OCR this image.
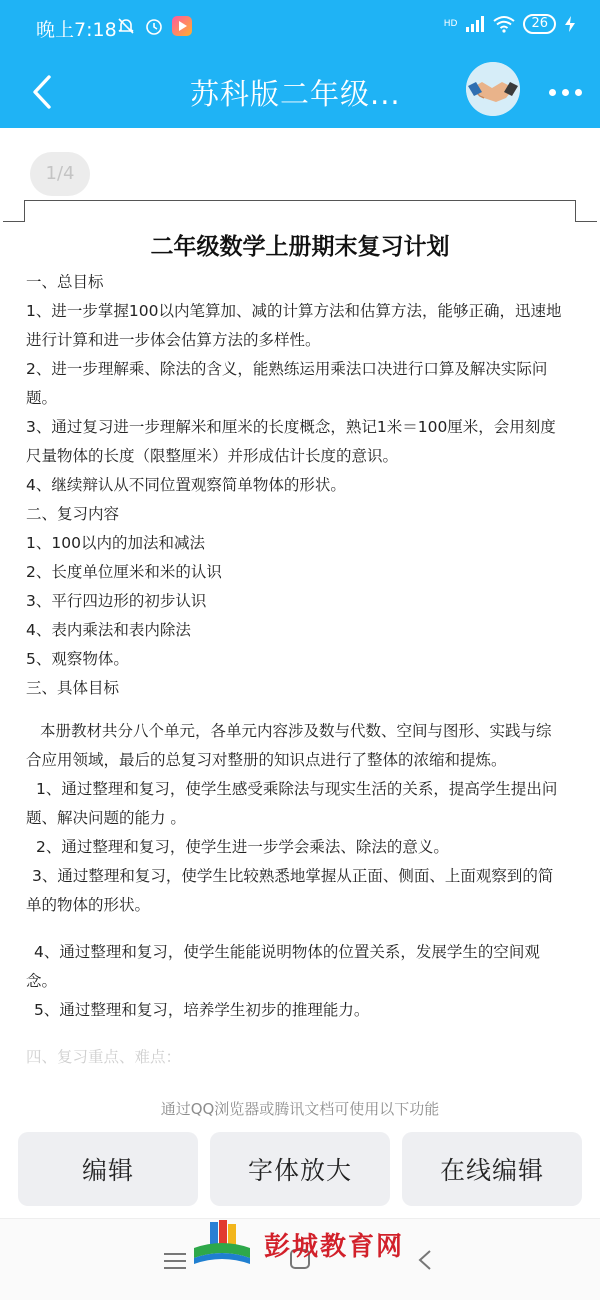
晚上7:18	HD	26
苏科版二年级...
1/4
二年级数学上册期末复习计划

一、总目标

1、进一步掌握100以内笔算加、减的计算方法和估算方法，能够正确，迅速地

进行计算和进一步体会估算方法的多样性。

2、进一步理解乘、除法的含义，能熟练运用乘法口决进行口算及解决实际问

题。

3、通过复习进一步理解米和厘米的长度概念，熟记1米＝100厘米，会用刻度

尺量物体的长度（限整厘米）并形成估计长度的意识。

4、继续辩认从不同位置观察简单物体的形状。

二、复习内容

1、100以内的加法和减法

2、长度单位厘米和米的认识

3、平行四边形的初步认识

4、表内乘法和表内除法

5、观察物体。

三、具体目标

本册教材共分八个单元，各单元内容涉及数与代数、空间与图形、实践与综

合应用领域，最后的总复习对整册的知识点进行了整体的浓缩和提炼。

1、通过整理和复习，使学生感受乘除法与现实生活的关系，提高学生提出问

题、解决问题的能力 。

2、通过整理和复习，使学生进一步学会乘法、除法的意义。

3、通过整理和复习，使学生比较熟悉地掌握从正面、侧面、上面观察到的简

单的物体的形状。

4、通过整理和复习，使学生能能说明物体的位置关系，发展学生的空间观

念。

5、通过整理和复习，培养学生初步的推理能力。

四、复习重点、难点：

通过QQ浏览器或腾讯文档可使用以下功能
编辑	字体放大	在线编辑
彭城教育网
